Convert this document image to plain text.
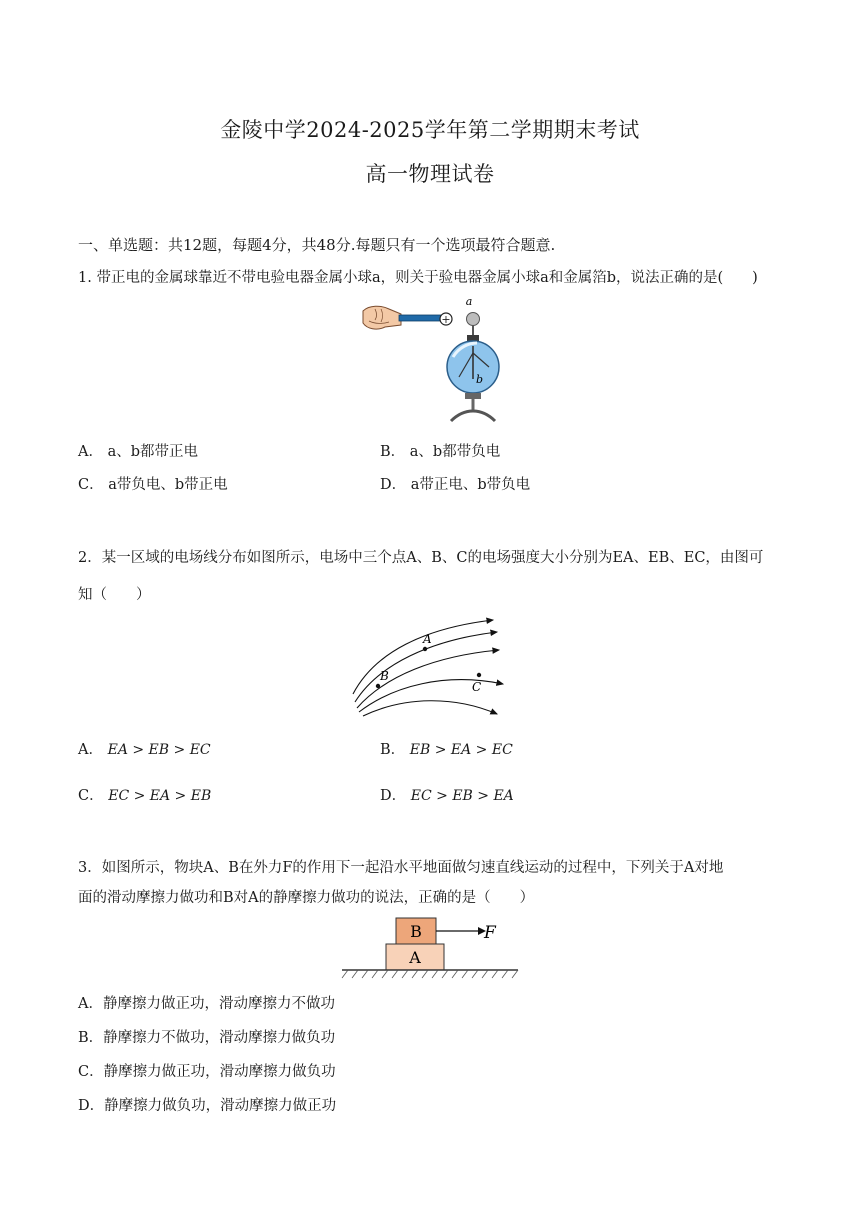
金陵中学2024-2025学年第二学期期末考试
高一物理试卷
一、单选题：共12题，每题4分，共48分.每题只有一个选项最符合题意.
1. 带正电的金属球靠近不带电验电器金属小球a，则关于验电器金属小球a和金属箔b，说法正确的是(　　)
+
a
b
A． a、b都带正电	B． a、b都带负电
C． a带负电、b带正电	D． a带正电、b带负电
2．某一区域的电场线分布如图所示，电场中三个点A、B、C的电场强度大小分别为EA、EB、EC，由图可
知（　　）
A
B
C
A． EA > EB > EC	B． EB > EA > EC
C． EC > EA > EB	D． EC > EB > EA
3．如图所示，物块A、B在外力F的作用下一起沿水平地面做匀速直线运动的过程中，下列关于A对地
面的滑动摩擦力做功和B对A的静摩擦力做功的说法，正确的是（　　）
B
A
F
A．静摩擦力做正功，滑动摩擦力不做功
B．静摩擦力不做功，滑动摩擦力做负功
C．静摩擦力做正功，滑动摩擦力做负功
D．静摩擦力做负功，滑动摩擦力做正功
